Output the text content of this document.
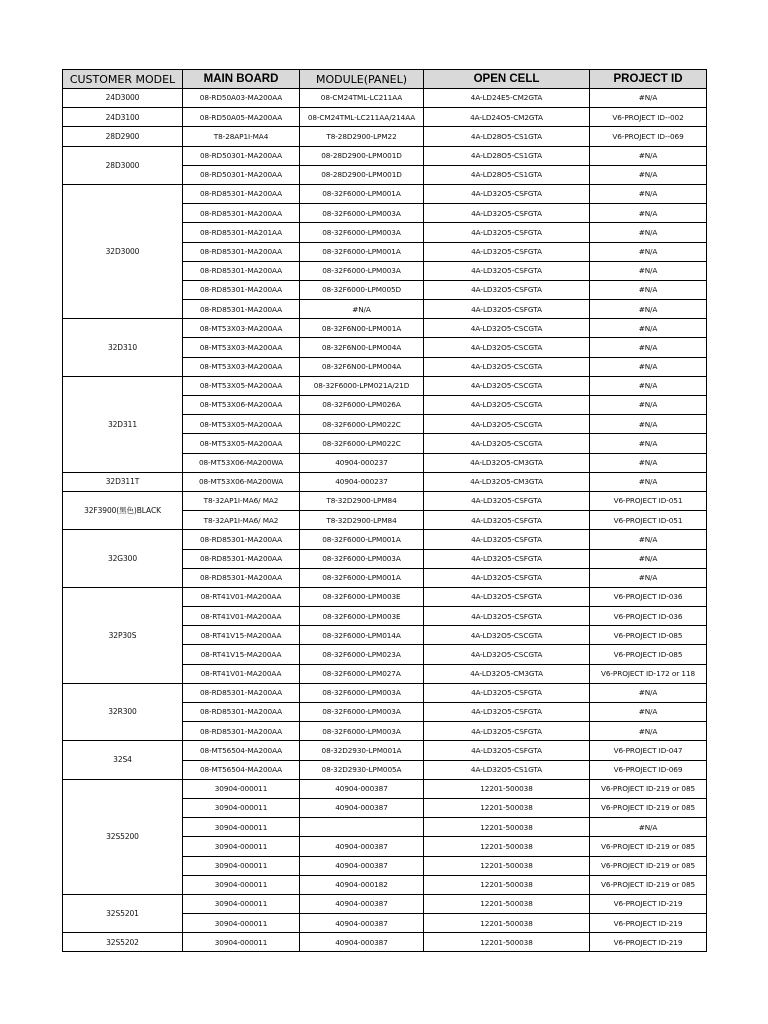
CUSTOMER MODEL	MAIN BOARD	MODULE(PANEL)	OPEN CELL	PROJECT ID
24D3000	08-RD50A03-MA200AA	08-CM24TML-LC211AA	4A-LD24E5-CM2GTA	#N/A
24D3100	08-RD50A05-MA200AA	08-CM24TML-LC211AA/214AA	4A-LD24O5-CM2GTA	V6-PROJECT ID--002
28D2900	T8-28AP1I-MA4	T8-28D2900-LPM22	4A-LD28O5-CS1GTA	V6-PROJECT ID--069
28D3000	08-RD50301-MA200AA	08-28D2900-LPM001D	4A-LD28O5-CS1GTA	#N/A
	08-RD50301-MA200AA	08-28D2900-LPM001D	4A-LD28O5-CS1GTA	#N/A
32D3000	08-RD85301-MA200AA	08-32F6000-LPM001A	4A-LD32O5-CSFGTA	#N/A
	08-RD85301-MA200AA	08-32F6000-LPM003A	4A-LD32O5-CSFGTA	#N/A
	08-RD85301-MA201AA	08-32F6000-LPM003A	4A-LD32O5-CSFGTA	#N/A
	08-RD85301-MA200AA	08-32F6000-LPM001A	4A-LD32O5-CSFGTA	#N/A
	08-RD85301-MA200AA	08-32F6000-LPM003A	4A-LD32O5-CSFGTA	#N/A
	08-RD85301-MA200AA	08-32F6000-LPM005D	4A-LD32O5-CSFGTA	#N/A
	08-RD85301-MA200AA	#N/A	4A-LD32O5-CSFGTA	#N/A
32D310	08-MT53X03-MA200AA	08-32F6N00-LPM001A	4A-LD32O5-CSCGTA	#N/A
	08-MT53X03-MA200AA	08-32F6N00-LPM004A	4A-LD32O5-CSCGTA	#N/A
	08-MT53X03-MA200AA	08-32F6N00-LPM004A	4A-LD32O5-CSCGTA	#N/A
32D311	08-MT53X05-MA200AA	08-32F6000-LPM021A/21D	4A-LD32O5-CSCGTA	#N/A
	08-MT53X06-MA200AA	08-32F6000-LPM026A	4A-LD32O5-CSCGTA	#N/A
	08-MT53X05-MA200AA	08-32F6000-LPM022C	4A-LD32O5-CSCGTA	#N/A
	08-MT53X05-MA200AA	08-32F6000-LPM022C	4A-LD32O5-CSCGTA	#N/A
	08-MT53X06-MA200WA	40904-000237	4A-LD32O5-CM3GTA	#N/A
32D311T	08-MT53X06-MA200WA	40904-000237	4A-LD32O5-CM3GTA	#N/A
32F3900(黑色)BLACK	T8-32AP1I-MA6/ MA2	T8-32D2900-LPM84	4A-LD32O5-CSFGTA	V6-PROJECT ID-051
	T8-32AP1I-MA6/ MA2	T8-32D2900-LPM84	4A-LD32O5-CSFGTA	V6-PROJECT ID-051
32G300	08-RD85301-MA200AA	08-32F6000-LPM001A	4A-LD32O5-CSFGTA	#N/A
	08-RD85301-MA200AA	08-32F6000-LPM003A	4A-LD32O5-CSFGTA	#N/A
	08-RD85301-MA200AA	08-32F6000-LPM001A	4A-LD32O5-CSFGTA	#N/A
32P30S	08-RT41V01-MA200AA	08-32F6000-LPM003E	4A-LD32O5-CSFGTA	V6-PROJECT ID-036
	08-RT41V01-MA200AA	08-32F6000-LPM003E	4A-LD32O5-CSFGTA	V6-PROJECT ID-036
	08-RT41V15-MA200AA	08-32F6000-LPM014A	4A-LD32O5-CSCGTA	V6-PROJECT ID-085
	08-RT41V15-MA200AA	08-32F6000-LPM023A	4A-LD32O5-CSCGTA	V6-PROJECT ID-085
	08-RT41V01-MA200AA	08-32F6000-LPM027A	4A-LD32O5-CM3GTA	V6-PROJECT ID-172 or 118
32R300	08-RD85301-MA200AA	08-32F6000-LPM003A	4A-LD32O5-CSFGTA	#N/A
	08-RD85301-MA200AA	08-32F6000-LPM003A	4A-LD32O5-CSFGTA	#N/A
	08-RD85301-MA200AA	08-32F6000-LPM003A	4A-LD32O5-CSFGTA	#N/A
32S4	08-MT56504-MA200AA	08-32D2930-LPM001A	4A-LD32O5-CSFGTA	V6-PROJECT ID-047
	08-MT56504-MA200AA	08-32D2930-LPM005A	4A-LD32O5-CS1GTA	V6-PROJECT ID-069
32S5200	30904-000011	40904-000387	12201-500038	V6-PROJECT ID-219 or 085
	30904-000011	40904-000387	12201-500038	V6-PROJECT ID-219 or 085
	30904-000011		12201-500038	#N/A
	30904-000011	40904-000387	12201-500038	V6-PROJECT ID-219 or 085
	30904-000011	40904-000387	12201-500038	V6-PROJECT ID-219 or 085
	30904-000011	40904-000182	12201-500038	V6-PROJECT ID-219 or 085
32S5201	30904-000011	40904-000387	12201-500038	V6-PROJECT ID-219
	30904-000011	40904-000387	12201-500038	V6-PROJECT ID-219
32S5202	30904-000011	40904-000387	12201-500038	V6-PROJECT ID-219
